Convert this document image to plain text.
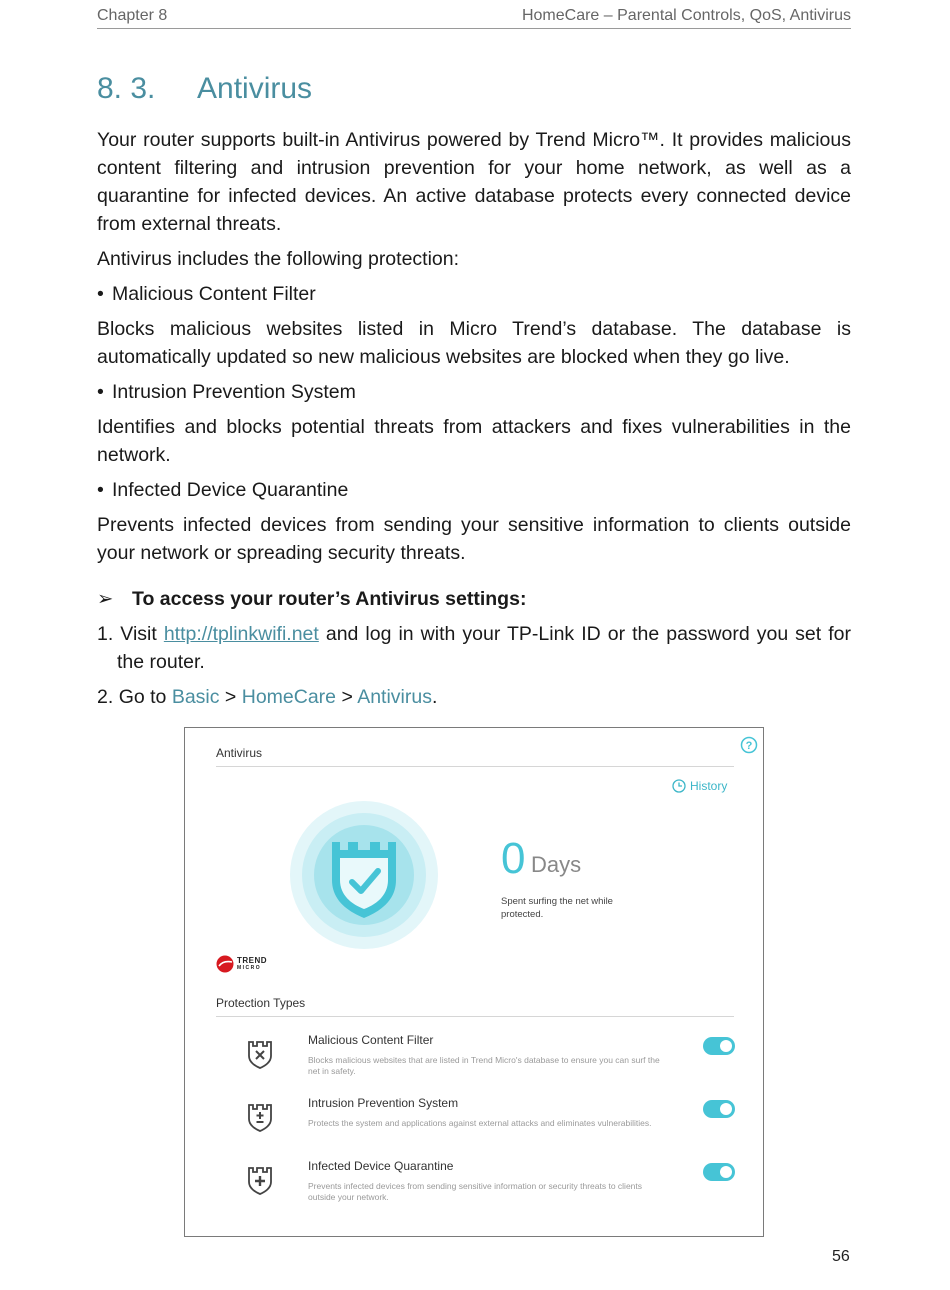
Chapter 8	HomeCare – Parental Controls, QoS, Antivirus
8. 3. Antivirus

Your router supports built-in Antivirus powered by Trend Micro™. It provides malicious content filtering and intrusion prevention for your home network, as well as a quarantine for infected devices. An active database protects every connected device from external threats.

Antivirus includes the following protection:

• Malicious Content Filter

Blocks malicious websites listed in Micro Trend’s database. The database is automatically updated so new malicious websites are blocked when they go live.

• Intrusion Prevention System

Identifies and blocks potential threats from attackers and fixes vulnerabilities in the network.

• Infected Device Quarantine

Prevents infected devices from sending your sensitive information to clients outside your network or spreading security threats.

➢ To access your router’s Antivirus settings:

1. Visit http://tplinkwifi.net and log in with your TP-Link ID or the password you set for the router.

2. Go to Basic > HomeCare > Antivirus.

Antivirus	?
History
0 Days
Spent surfing the net while protected.
TREND
MICRO
Protection Types
Malicious Content Filter
Blocks malicious websites that are listed in Trend Micro's database to ensure you can surf the net in safety.
Intrusion Prevention System
Protects the system and applications against external attacks and eliminates vulnerabilities.
Infected Device Quarantine
Prevents infected devices from sending sensitive information or security threats to clients outside your network.
56
